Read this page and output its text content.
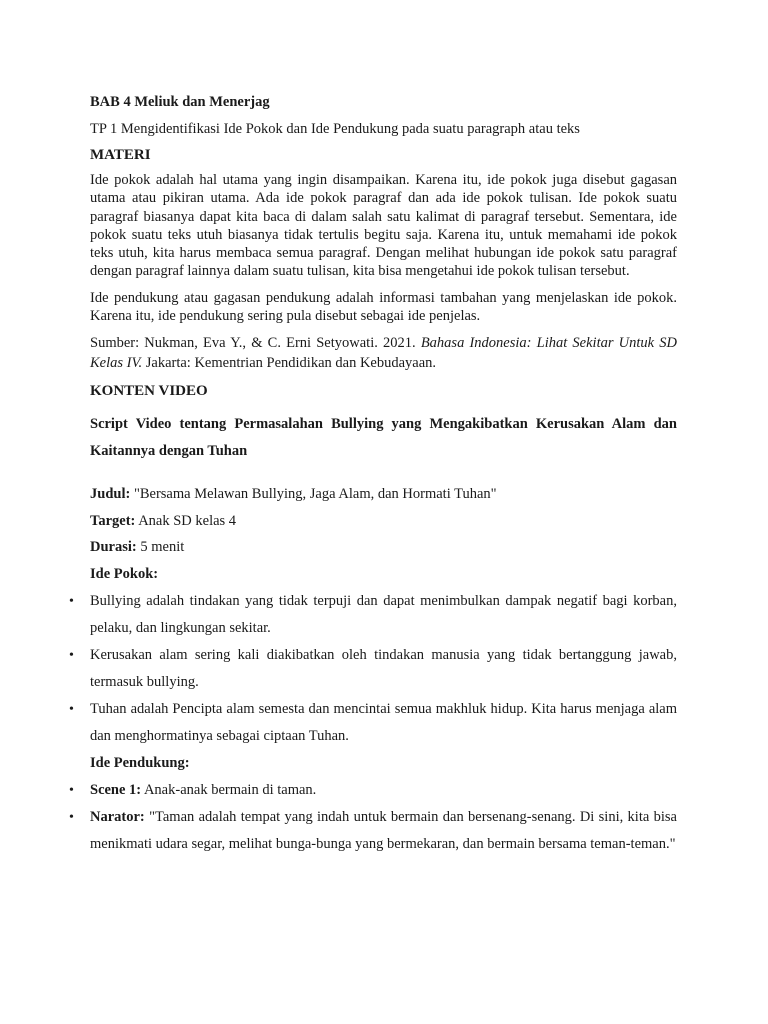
BAB 4 Meliuk dan Menerjag

TP 1 Mengidentifikasi Ide Pokok dan Ide Pendukung pada suatu paragraph atau teks

MATERI

Ide pokok adalah hal utama yang ingin disampaikan. Karena itu, ide pokok juga disebut gagasan utama atau pikiran utama. Ada ide pokok paragraf dan ada ide pokok tulisan. Ide pokok suatu paragraf biasanya dapat kita baca di dalam salah satu kalimat di paragraf tersebut. Sementara, ide pokok suatu teks utuh biasanya tidak tertulis begitu saja. Karena itu, untuk memahami ide pokok teks utuh, kita harus membaca semua paragraf. Dengan melihat hubungan ide pokok satu paragraf dengan paragraf lainnya dalam suatu tulisan, kita bisa mengetahui ide pokok tulisan tersebut.

Ide pendukung atau gagasan pendukung adalah informasi tambahan yang menjelaskan ide pokok. Karena itu, ide pendukung sering pula disebut sebagai ide penjelas.

Sumber: Nukman, Eva Y., & C. Erni Setyowati. 2021. Bahasa Indonesia: Lihat Sekitar Untuk SD Kelas IV. Jakarta: Kementrian Pendidikan dan Kebudayaan.

KONTEN VIDEO

Script Video tentang Permasalahan Bullying yang Mengakibatkan Kerusakan Alam dan Kaitannya dengan Tuhan

Judul: "Bersama Melawan Bullying, Jaga Alam, dan Hormati Tuhan"

Target: Anak SD kelas 4

Durasi: 5 menit

Ide Pokok:

• Bullying adalah tindakan yang tidak terpuji dan dapat menimbulkan dampak negatif bagi korban, pelaku, dan lingkungan sekitar.
• Kerusakan alam sering kali diakibatkan oleh tindakan manusia yang tidak bertanggung jawab, termasuk bullying.
• Tuhan adalah Pencipta alam semesta dan mencintai semua makhluk hidup. Kita harus menjaga alam dan menghormatinya sebagai ciptaan Tuhan.

Ide Pendukung:

• Scene 1: Anak-anak bermain di taman.
• Narator: "Taman adalah tempat yang indah untuk bermain dan bersenang-senang. Di sini, kita bisa menikmati udara segar, melihat bunga-bunga yang bermekaran, dan bermain bersama teman-teman."
